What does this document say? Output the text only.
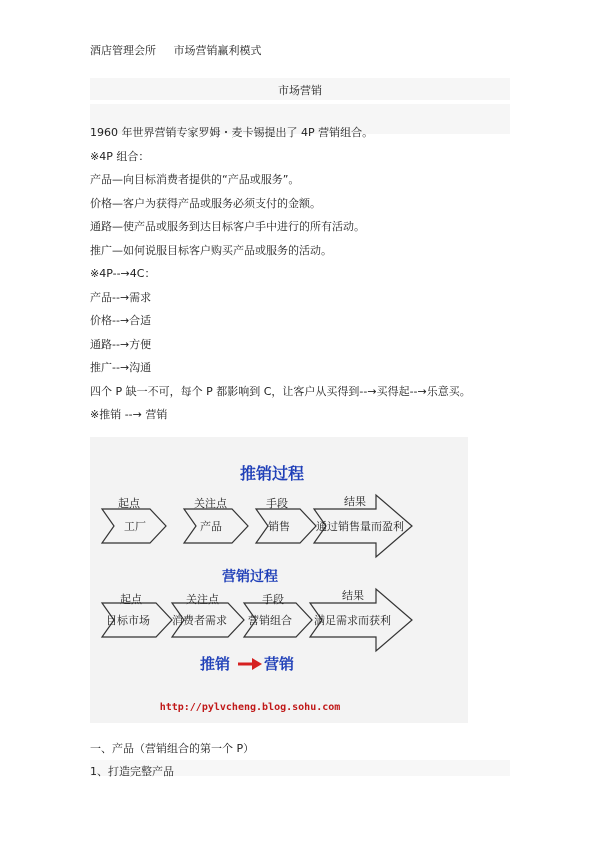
酒店管理会所 市场营销赢利模式
市场营销
1960 年世界营销专家罗姆・麦卡锡提出了 4P 营销组合。
※4P 组合：
产品—向目标消费者提供的“产品或服务”。
价格—客户为获得产品或服务必须支付的金额。
通路—使产品或服务到达目标客户手中进行的所有活动。
推广—如何说服目标客户购买产品或服务的活动。
※4P--→4C：
产品--→需求
价格--→合适
通路--→方便
推广--→沟通
四个 P 缺一不可，每个 P 都影响到 C，让客户从买得到--→买得起--→乐意买。
※推销 --→ 营销
推销过程
起点
工厂
关注点
产品
手段
销售
结果
通过销售量而盈利
营销过程
起点
目标市场
关注点
消费者需求
手段
营销组合
结果
满足需求而获利
推销 营销
http://pylvcheng.blog.sohu.com
一、产品（营销组合的第一个 P）
1、打造完整产品
